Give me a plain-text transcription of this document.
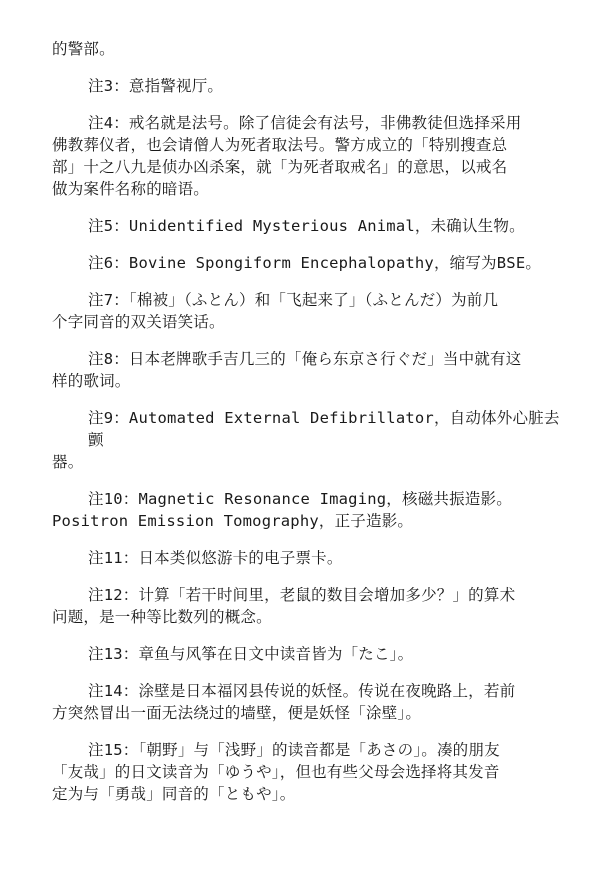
的警部。

注3：意指警视厅。

注4：戒名就是法号。除了信徒会有法号，非佛教徒但选择采用
佛教葬仪者，也会请僧人为死者取法号。警方成立的「特别搜查总
部」十之八九是侦办凶杀案，就「为死者取戒名」的意思，以戒名
做为案件名称的暗语。

注5：Unidentified Mysterious Animal，未确认生物。

注6：Bovine Spongiform Encephalopathy，缩写为BSE。

注7：「棉被」（ふとん）和「飞起来了」（ふとんだ）为前几
个字同音的双关语笑话。

注8：日本老牌歌手吉几三的「俺ら东京さ行ぐだ」当中就有这
样的歌词。

注9：Automated External Defibrillator，自动体外心脏去颤
器。

注10：Magnetic Resonance Imaging，核磁共振造影。
Positron Emission Tomography，正子造影。

注11：日本类似悠游卡的电子票卡。

注12：计算「若干时间里，老鼠的数目会增加多少？」的算术
问题，是一种等比数列的概念。

注13：章鱼与风筝在日文中读音皆为「たこ」。

注14：涂壁是日本福冈县传说的妖怪。传说在夜晚路上，若前
方突然冒出一面无法绕过的墙壁，便是妖怪「涂壁」。

注15：「朝野」与「浅野」的读音都是「あさの」。凑的朋友
「友哉」的日文读音为「ゆうや」，但也有些父母会选择将其发音
定为与「勇哉」同音的「ともや」。
